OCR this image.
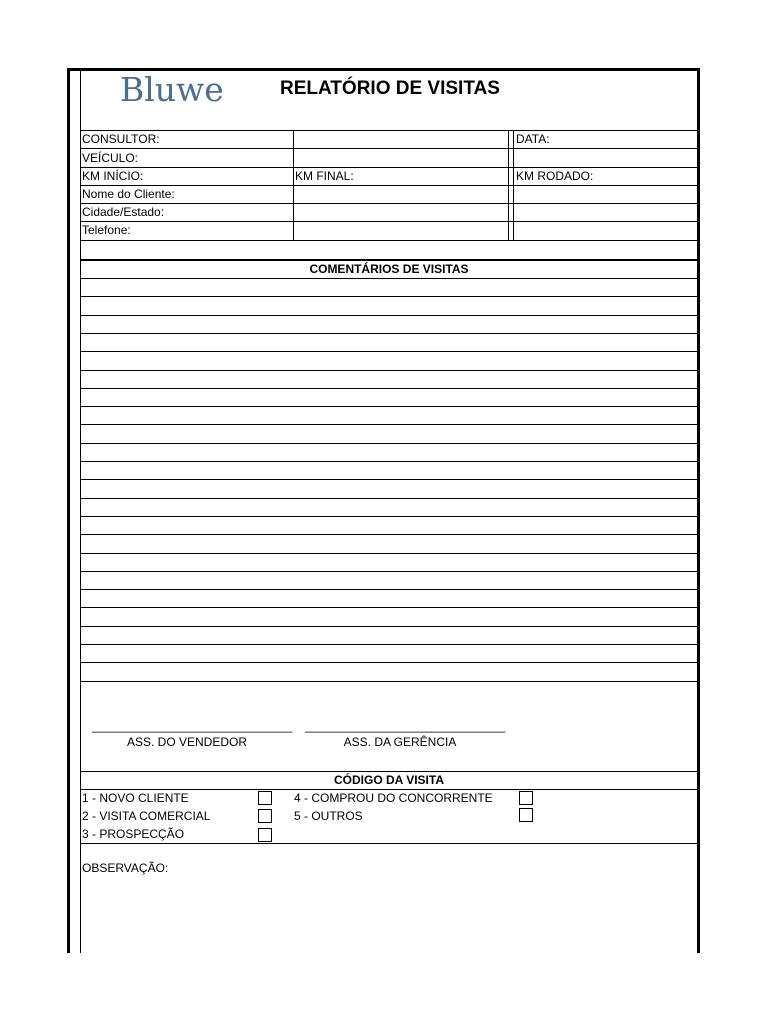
Bluwe	RELATÓRIO DE VISITAS
CONSULTOR:	DATA:
VEÍCULO:
KM INÍCIO:	KM FINAL:	KM RODADO:
Nome do Cliente:
Cidade/Estado:
Telefone:
COMENTÁRIOS DE VISITAS
______________________________ ______________________________
ASS. DO VENDEDOR	ASS. DA GERÊNCIA
CÓDIGO DA VISITA
1 - NOVO CLIENTE
2 - VISITA COMERCIAL
3 - PROSPECÇÃO
4 - COMPROU DO CONCORRENTE
5 - OUTROS
OBSERVAÇÃO:
